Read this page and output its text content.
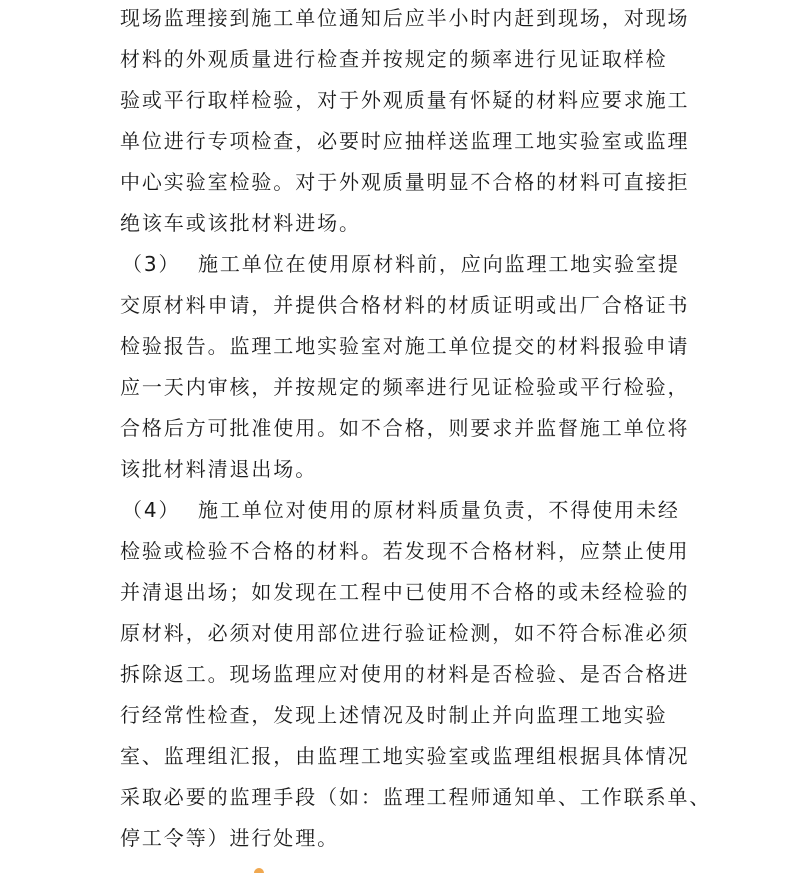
现场监理接到施工单位通知后应半小时内赶到现场，对现场
材料的外观质量进行检查并按规定的频率进行见证取样检
验或平行取样检验，对于外观质量有怀疑的材料应要求施工
单位进行专项检查，必要时应抽样送监理工地实验室或监理
中心实验室检验。对于外观质量明显不合格的材料可直接拒
绝该车或该批材料进场。
（3） 施工单位在使用原材料前，应向监理工地实验室提
交原材料申请，并提供合格材料的材质证明或出厂合格证书
检验报告。监理工地实验室对施工单位提交的材料报验申请
应一天内审核，并按规定的频率进行见证检验或平行检验，
合格后方可批准使用。如不合格，则要求并监督施工单位将
该批材料清退出场。
（4） 施工单位对使用的原材料质量负责，不得使用未经
检验或检验不合格的材料。若发现不合格材料，应禁止使用
并清退出场；如发现在工程中已使用不合格的或未经检验的
原材料，必须对使用部位进行验证检测，如不符合标准必须
拆除返工。现场监理应对使用的材料是否检验、是否合格进
行经常性检查，发现上述情况及时制止并向监理工地实验
室、监理组汇报，由监理工地实验室或监理组根据具体情况
采取必要的监理手段（如：监理工程师通知单、工作联系单、
停工令等）进行处理。
